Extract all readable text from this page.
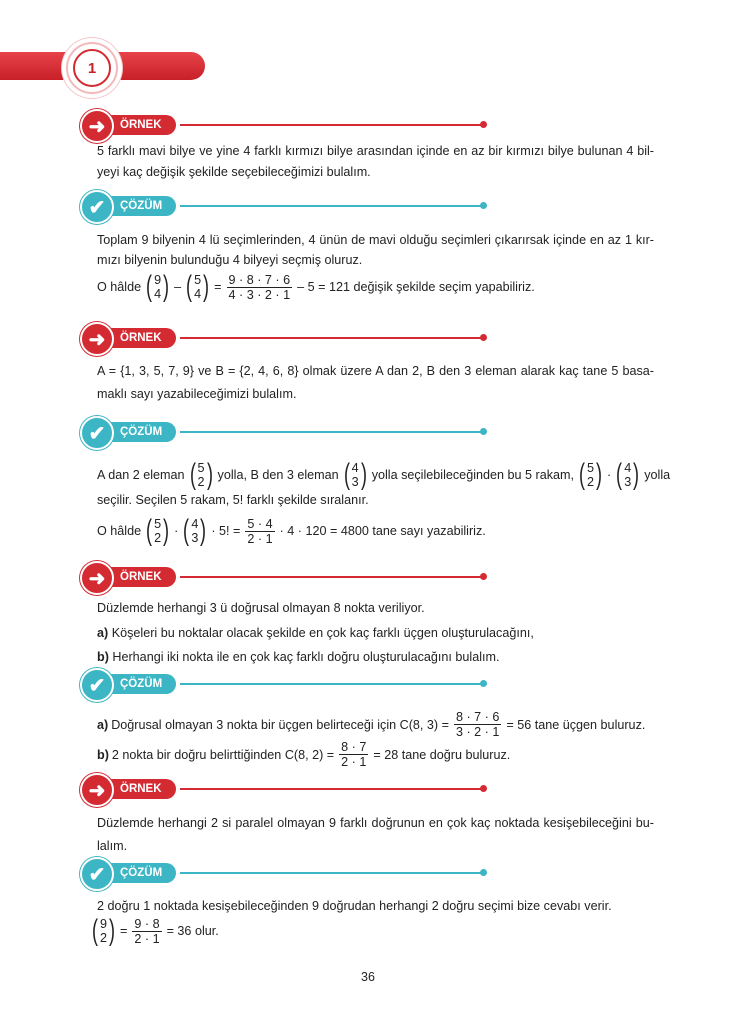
1
ÖRNEK
➜
ÇÖZÜM
✔
5 farklı mavi bilye ve yine 4 farklı kırmızı bilye arasından içinde en az bir kırmızı bilye bulunan 4 bil-
yeyi kaç değişik şekilde seçebileceğimizi bulalım.
Toplam 9 bilyenin 4 lü seçimlerinden, 4 ünün de mavi olduğu seçimleri çıkarırsak içinde en az 1 kır-
mızı bilyenin bulunduğu 4 bilyeyi seçmiş oluruz.
O hâlde ( 9
4 ) – ( 5
4 ) = $\frac{9 \cdot 8 \cdot 7 \cdot 6}{4 \cdot 3 \cdot 2 \cdot 1} - 5 = 121$ değişik şekilde seçim yapabiliriz.
ÖRNEK
➜
A = {1, 3, 5, 7, 9} ve B = {2, 4, 6, 8} olmak üzere A dan 2, B den 3 eleman alarak kaç tane 5 basa-
maklı sayı yazabileceğimizi bulalım.
ÇÖZÜM
✔
A dan 2 eleman ( 5
2 ) yolla, B den 3 eleman ( 4
3 ) yolla seçilebileceğinden bu 5 rakam, ( 5
2 ) · ( 4
3 ) yolla
seçilir. Seçilen 5 rakam, 5! farklı şekilde sıralanır.
O hâlde ( 5
2 ) · ( 4
3 ) · 5! = $\frac{5 \cdot 4}{2 \cdot 1} \cdot 4 \cdot 120 = 4800$ tane sayı yazabiliriz.
ÖRNEK
➜
Düzlemde herhangi 3 ü doğrusal olmayan 8 nokta veriliyor.
a) Köşeleri bu noktalar olacak şekilde en çok kaç farklı üçgen oluşturulacağını,
b) Herhangi iki nokta ile en çok kaç farklı doğru oluşturulacağını bulalım.
ÇÖZÜM
✔
a) Doğrusal olmayan 3 nokta bir üçgen belirteceği için C(8, $3) = \frac{8 \cdot 7 \cdot 6}{3 \cdot 2 \cdot 1} = 56$ tane üçgen buluruz.
b) 2 nokta bir doğru belirttiğinden C(8, $2) = \frac{8 \cdot 7}{2 \cdot 1} = 28$ tane doğru buluruz.
ÖRNEK
➜
Düzlemde herhangi 2 si paralel olmayan 9 farklı doğrunun en çok kaç noktada kesişebileceğini bu-
lalım.
ÇÖZÜM
✔
2 doğru 1 noktada kesişebileceğinden 9 doğrudan herhangi 2 doğru seçimi bize cevabı verir.
( 9
2 ) = $\frac{9 \cdot 8}{2 \cdot 1} = 36$ olur.
36
